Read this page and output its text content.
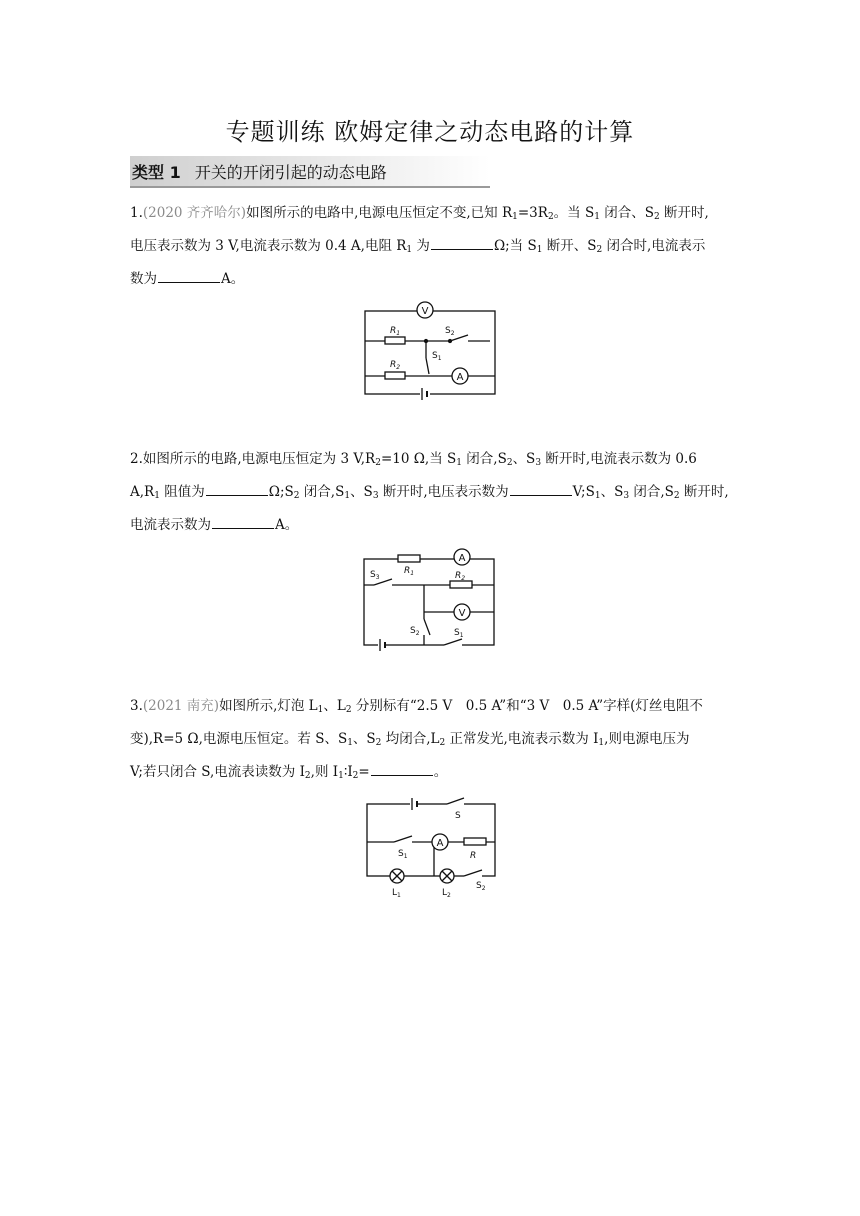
专题训练 欧姆定律之动态电路的计算
类型 1 开关的开闭引起的动态电路
1.(2020 齐齐哈尔)如图所示的电路中,电源电压恒定不变,已知 $R_1=3R_2$。当 $S_1$ 闭合、$S_2$ 断开时,
电压表示数为 3 V,电流表示数为 0.4 A,电阻 $R_1$ 为	Ω;当 $S_1$ 断开、$S_2$ 闭合时,电流表示
数为	A。
V
$R_1$
$R_2$
$S_2$
$S_1$
A
2.如图所示的电路,电源电压恒定为 3 $V,R_2=10$ Ω,当 $S_1$ 闭合$,S_2$、$S_3$ 断开时,电流表示数为 0.6
$A,R_1$ 阻值为	$\Omega;S_2$ 闭合$,S_1$、$S_3$ 断开时,电压表示数为	$V;S_1$、$S_3$ 闭合$,S_2$ 断开时,
电流表示数为	A。
$R_1$
A
$S_3$	$R_2$
V
$S_2$	$S_1$
3.(2021 南充)如图所示,灯泡 $L_1$、$L_2$ 分别标有“2.5 V　0.5 A”和“3 V　0.5 A”字样(灯丝电阻不
变),R=5 Ω,电源电压恒定。若 S、$S_1$、$S_2$ 均闭合$,L_2$ 正常发光,电流表示数为 $I_1$,则电源电压为
V;若只闭合 S,电流表读数为 $I_2$,则 $I_1∶I_2=$	。
S
$S_1$
A
R
$L_1$	$L_2$
$S_2$
